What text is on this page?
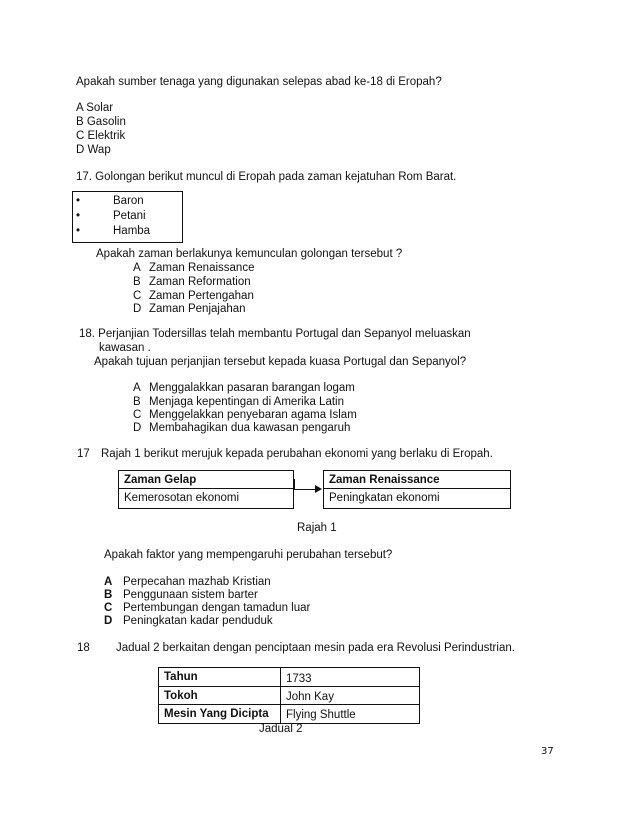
Apakah sumber tenaga yang digunakan selepas abad ke-18 di Eropah?
A Solar
B Gasolin
C Elektrik
D Wap
17. Golongan berikut muncul di Eropah pada zaman kejatuhan Rom Barat.
•	Baron
•	Petani
•	Hamba
Apakah zaman berlakunya kemunculan golongan tersebut ?
A Zaman Renaissance
B Zaman Reformation
C Zaman Pertengahan
D Zaman Penjajahan
18. Perjanjian Todersillas telah membantu Portugal dan Sepanyol meluaskan
kawasan .
Apakah tujuan perjanjian tersebut kepada kuasa Portugal dan Sepanyol?
A Menggalakkan pasaran barangan logam
B Menjaga kepentingan di Amerika Latin
C Menggelakkan penyebaran agama Islam
D Membahagikan dua kawasan pengaruh
17 Rajah 1 berikut merujuk kepada perubahan ekonomi yang berlaku di Eropah.
Zaman Gelap
Kemerosotan ekonomi
Zaman Renaissance
Peningkatan ekonomi
Rajah 1
Apakah faktor yang mempengaruhi perubahan tersebut?
A Perpecahan mazhab Kristian
B Penggunaan sistem barter
C Pertembungan dengan tamadun luar
D Peningkatan kadar penduduk
18 Jadual 2 berkaitan dengan penciptaan mesin pada era Revolusi Perindustrian.
Tahun	1733
Tokoh	John Kay
Mesin Yang Dicipta	Flying Shuttle
Jadual 2
37
